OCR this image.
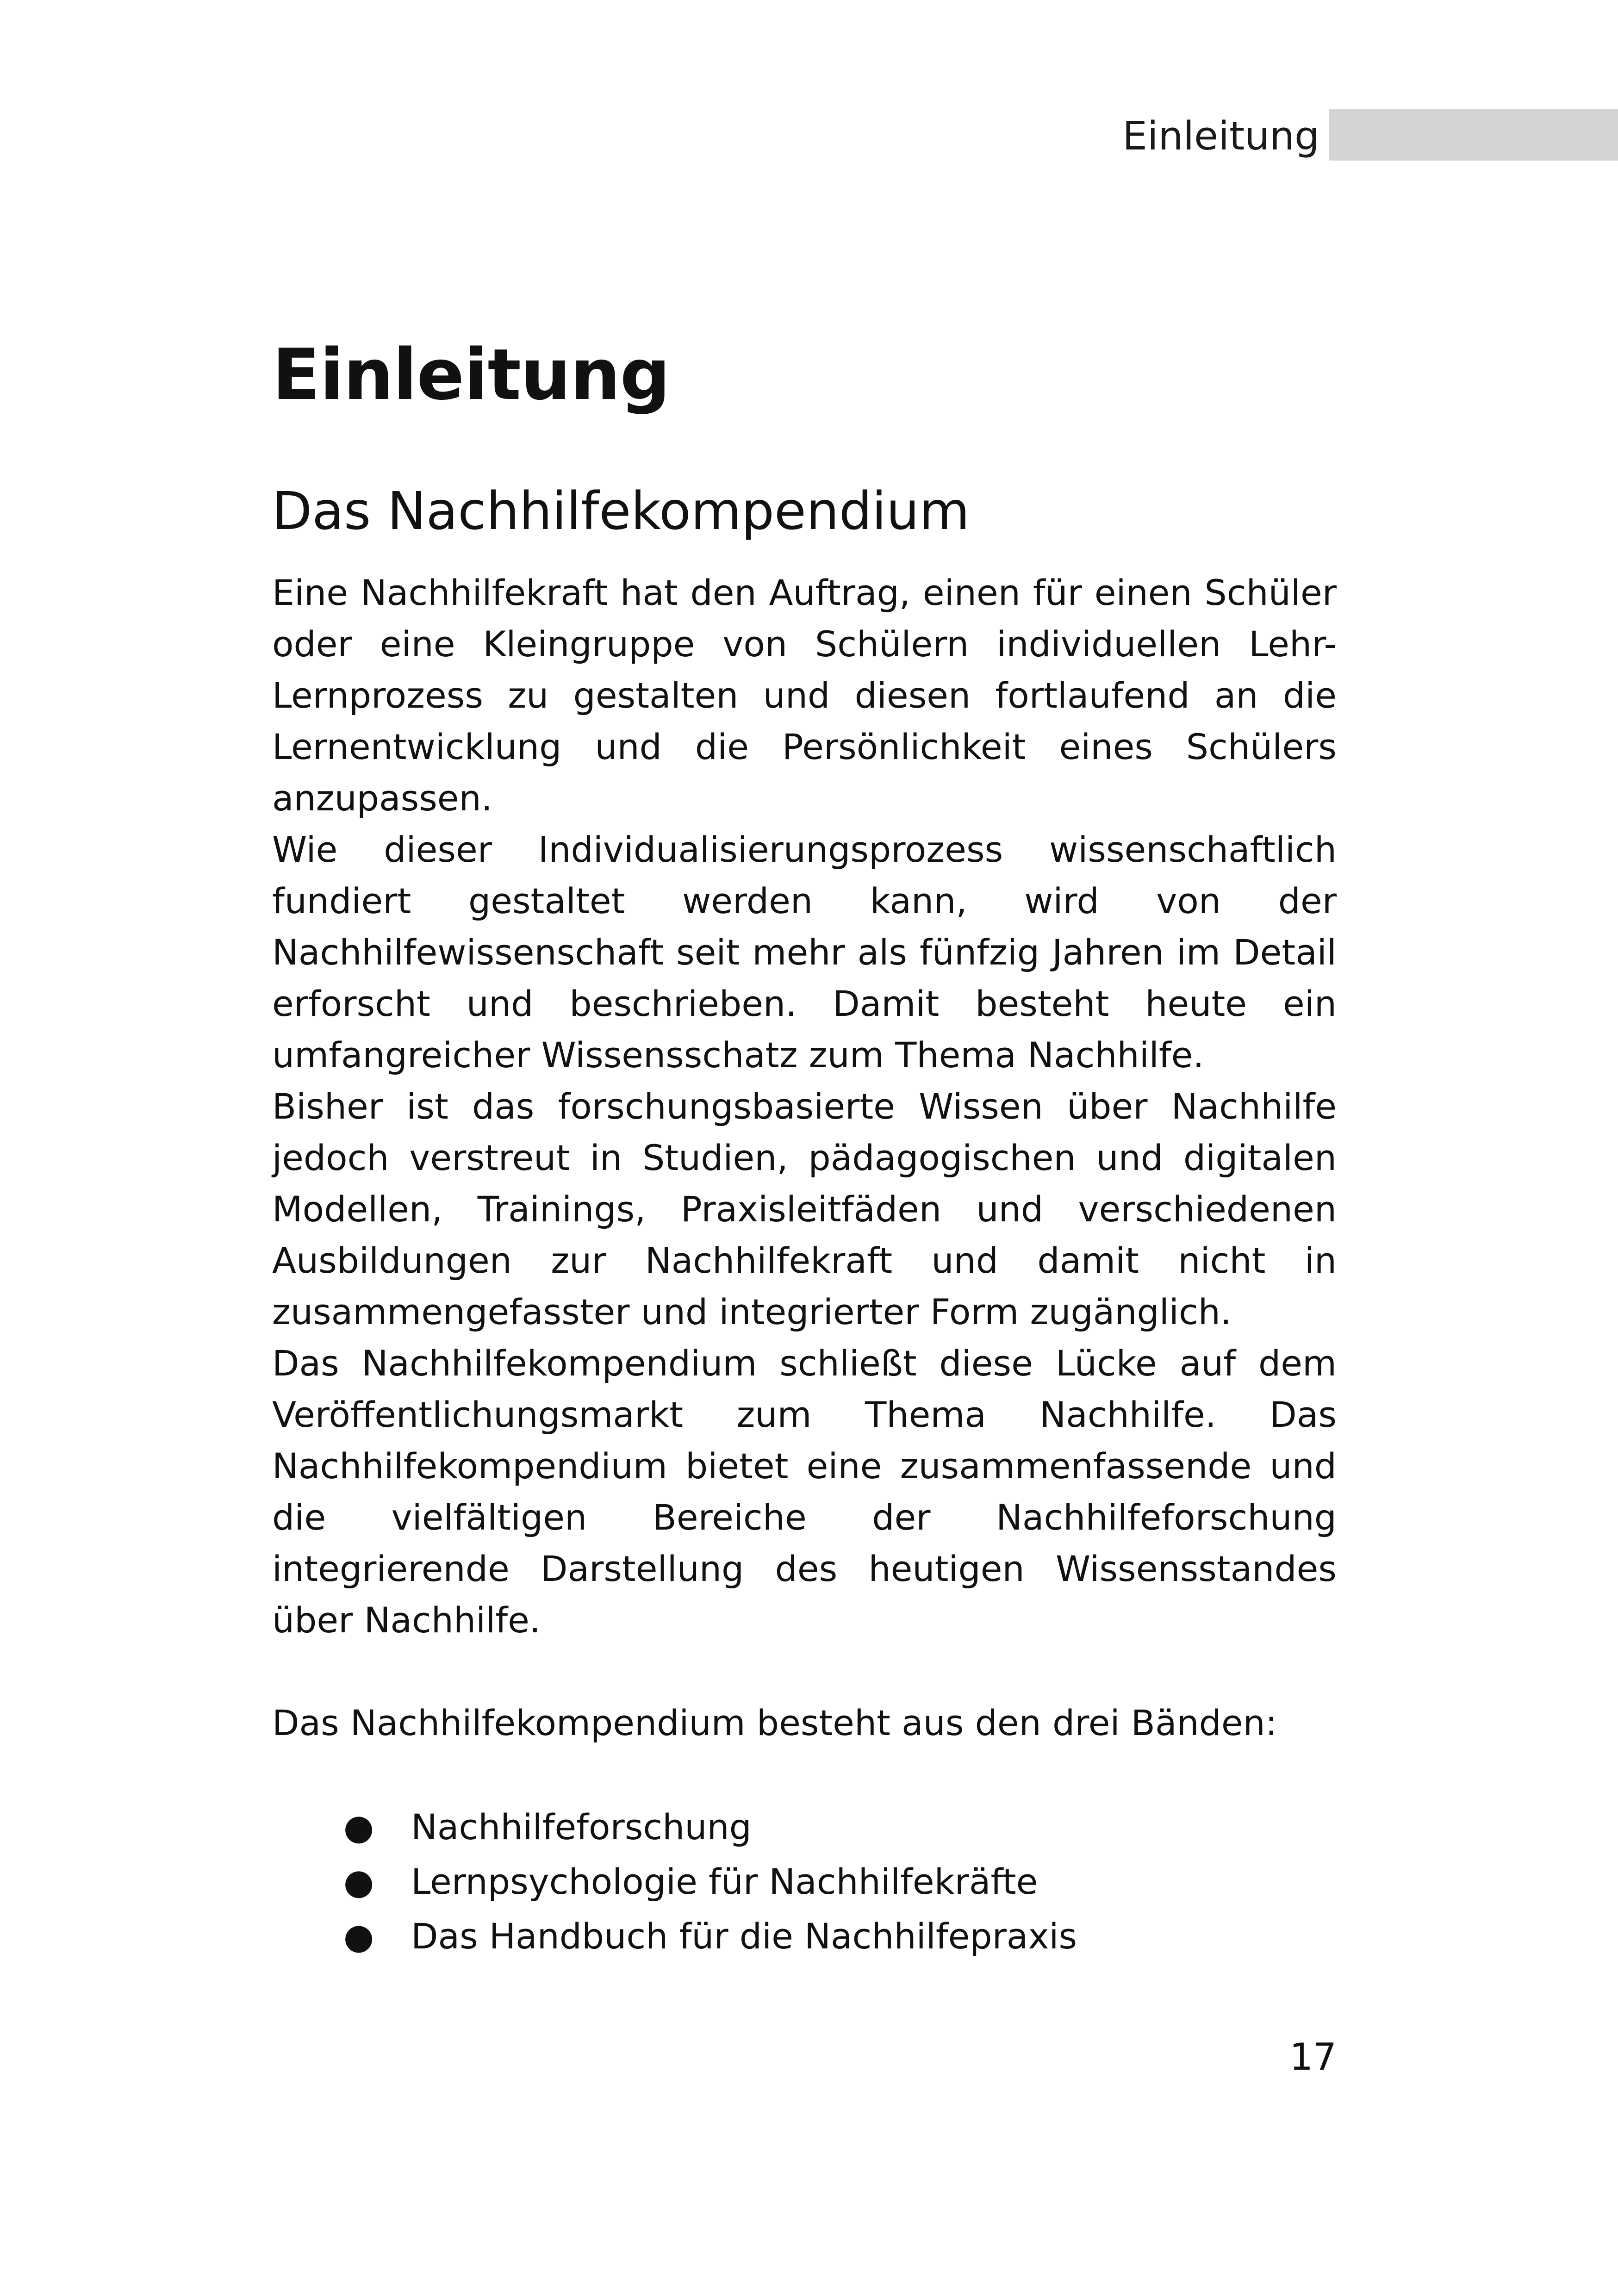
Einleitung
Einleitung
Das Nachhilfekompendium

Eine Nachhilfekraft hat den Auftrag, einen für einen Schüler oder eine Kleingruppe von Schülern individuellen Lehr-Lernprozess zu gestalten und diesen fortlaufend an die Lernentwicklung und die Persönlichkeit eines Schülers anzupassen.

Wie dieser Individualisierungsprozess wissenschaftlich fundiert gestaltet werden kann, wird von der Nachhilfewissenschaft seit mehr als fünfzig Jahren im Detail erforscht und beschrieben. Damit besteht heute ein umfangreicher Wissensschatz zum Thema Nachhilfe.

Bisher ist das forschungsbasierte Wissen über Nachhilfe jedoch verstreut in Studien, pädagogischen und digitalen Modellen, Trainings, Praxisleitfäden und verschiedenen Ausbildungen zur Nachhilfekraft und damit nicht in zusammengefasster und integrierter Form zugänglich.

Das Nachhilfekompendium schließt diese Lücke auf dem Veröffentlichungsmarkt zum Thema Nachhilfe. Das Nachhilfekompendium bietet eine zusammenfassende und die vielfältigen Bereiche der Nachhilfeforschung integrierende Darstellung des heutigen Wissensstandes über Nachhilfe.

Das Nachhilfekompendium besteht aus den drei Bänden:

● Nachhilfeforschung
● Lernpsychologie für Nachhilfekräfte
● Das Handbuch für die Nachhilfepraxis
17
